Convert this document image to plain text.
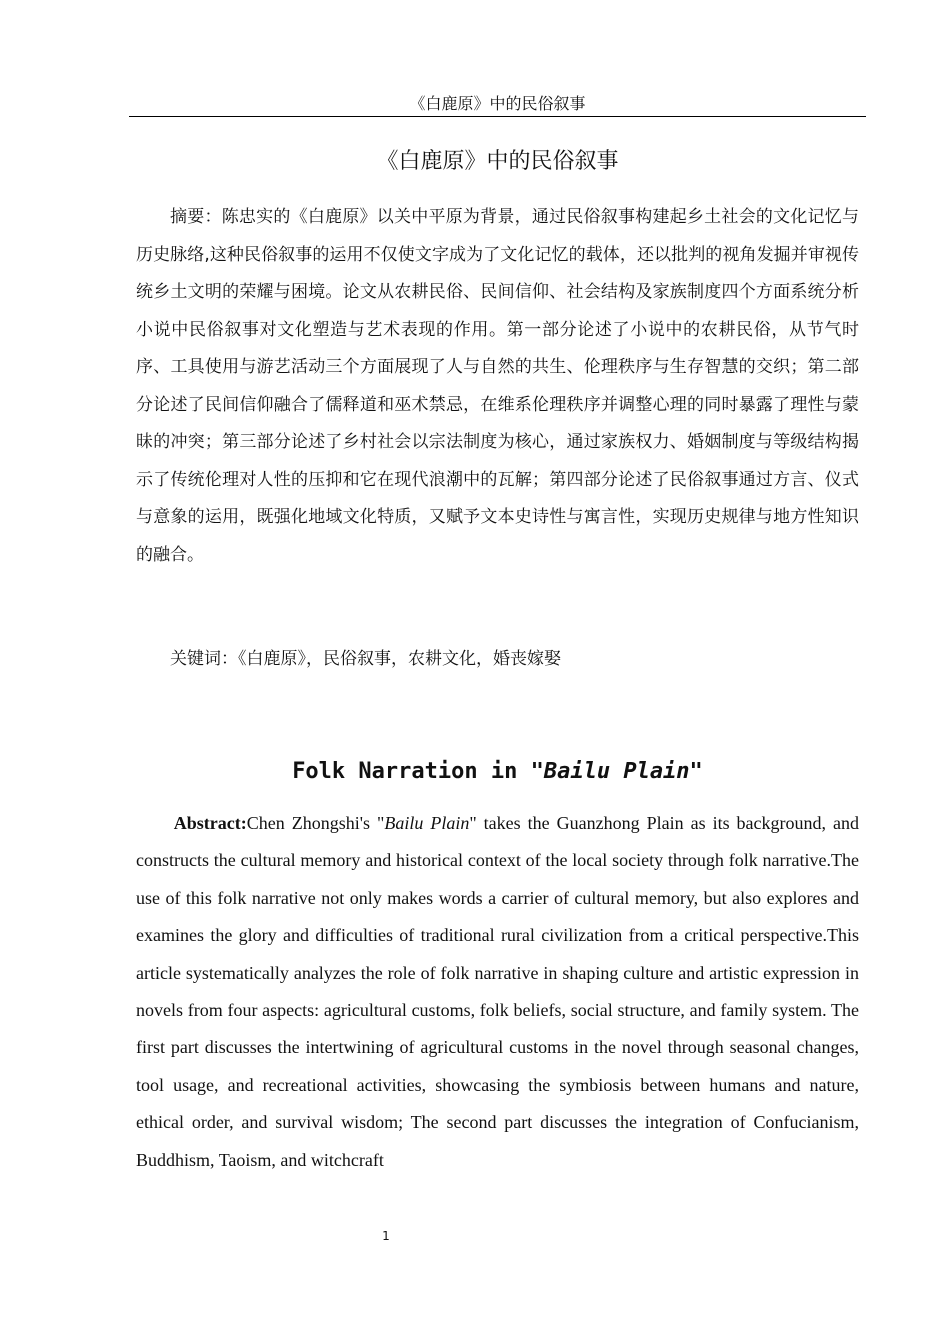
《白鹿原》中的民俗叙事
《白鹿原》中的民俗叙事

摘要：陈忠实的《白鹿原》以关中平原为背景，通过民俗叙事构建起乡土社会的文化记忆与历史脉络,这种民俗叙事的运用不仅使文字成为了文化记忆的载体，还以批判的视角发掘并审视传统乡土文明的荣耀与困境。论文从农耕民俗、民间信仰、社会结构及家族制度四个方面系统分析小说中民俗叙事对文化塑造与艺术表现的作用。第一部分论述了小说中的农耕民俗，从节气时序、工具使用与游艺活动三个方面展现了人与自然的共生、伦理秩序与生存智慧的交织；第二部分论述了民间信仰融合了儒释道和巫术禁忌，在维系伦理秩序并调整心理的同时暴露了理性与蒙昧的冲突；第三部分论述了乡村社会以宗法制度为核心，通过家族权力、婚姻制度与等级结构揭示了传统伦理对人性的压抑和它在现代浪潮中的瓦解；第四部分论述了民俗叙事通过方言、仪式与意象的运用，既强化地域文化特质，又赋予文本史诗性与寓言性，实现历史规律与地方性知识的融合。

关键词：《白鹿原》，民俗叙事，农耕文化，婚丧嫁娶

Folk Narration in "Bailu Plain"

Abstract:Chen Zhongshi's "Bailu Plain" takes the Guanzhong Plain as its background, and constructs the cultural memory and historical context of the local society through folk narrative.The use of this folk narrative not only makes words a carrier of cultural memory, but also explores and examines the glory and difficulties of traditional rural civilization from a critical perspective.This article systematically analyzes the role of folk narrative in shaping culture and artistic expression in novels from four aspects: agricultural customs, folk beliefs, social structure, and family system. The first part discusses the intertwining of agricultural customs in the novel through seasonal changes, tool usage, and recreational activities, showcasing the symbiosis between humans and nature, ethical order, and survival wisdom; The second part discusses the integration of Confucianism, Buddhism, Taoism, and witchcraft

1
